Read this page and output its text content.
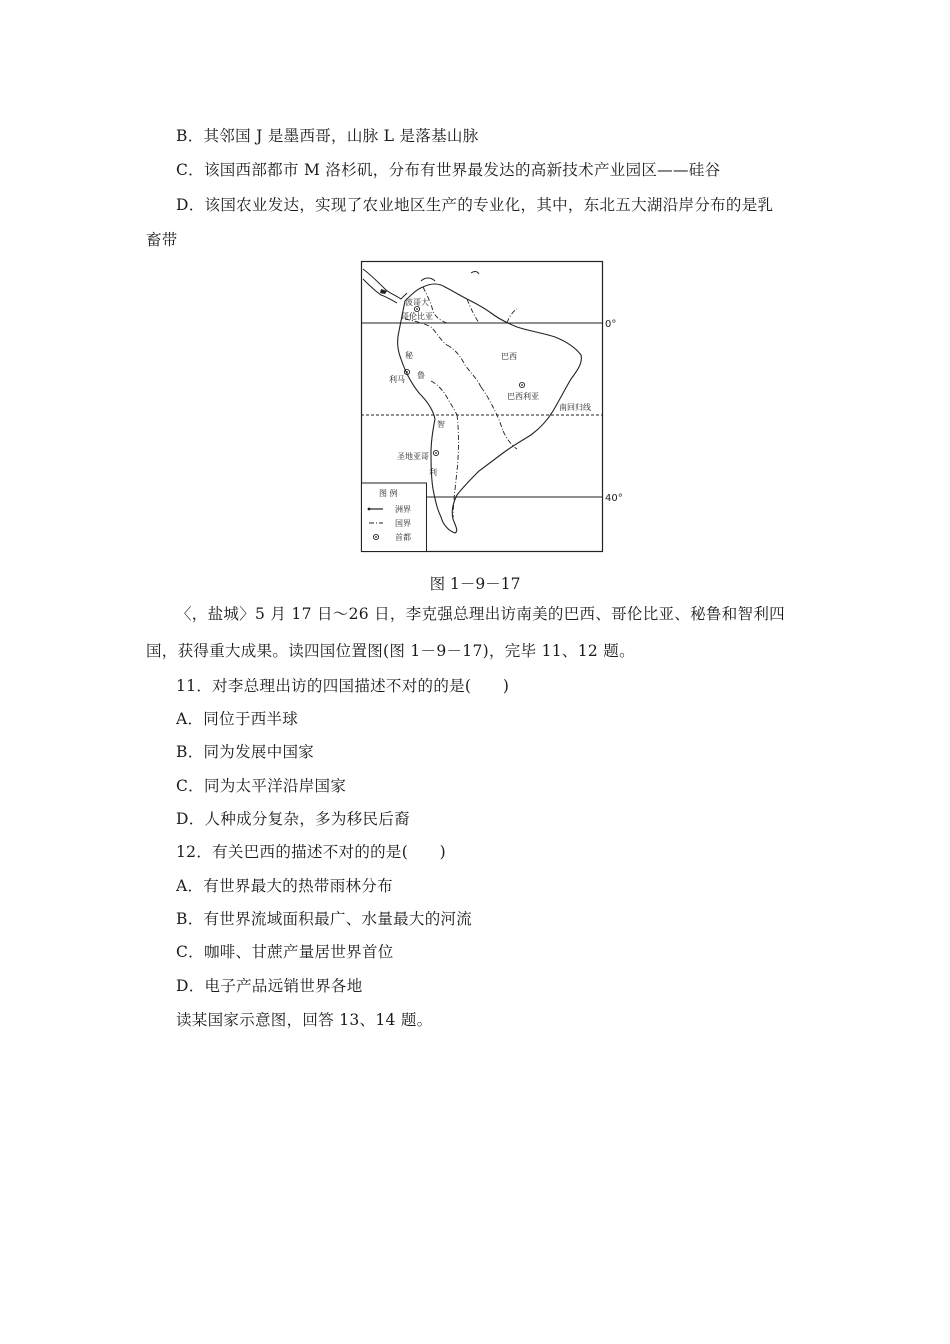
B．其邻国 J 是墨西哥，山脉 L 是落基山脉
C．该国西部都市 M 洛杉矶，分布有世界最发达的高新技术产业园区——硅谷
D．该国农业发达，实现了农业地区生产的专业化，其中，东北五大湖沿岸分布的是乳
畜带
波哥大
哥伦比亚
秘
鲁
利马
巴西
巴西利亚
南回归线
智
利
圣地亚哥
0°
40°
图 例
洲界
国界
首都
图 1－9－17
〈，盐城〉5 月 17 日～26 日，李克强总理出访南美的巴西、哥伦比亚、秘鲁和智利四
国，获得重大成果。读四国位置图(图 1－9－17)，完毕 11、12 题。
11．对李总理出访的四国描述不对的的是(　　)
A．同位于西半球
B．同为发展中国家
C．同为太平洋沿岸国家
D．人种成分复杂，多为移民后裔
12．有关巴西的描述不对的的是(　　)
A．有世界最大的热带雨林分布
B．有世界流域面积最广、水量最大的河流
C．咖啡、甘蔗产量居世界首位
D．电子产品远销世界各地
读某国家示意图，回答 13、14 题。
